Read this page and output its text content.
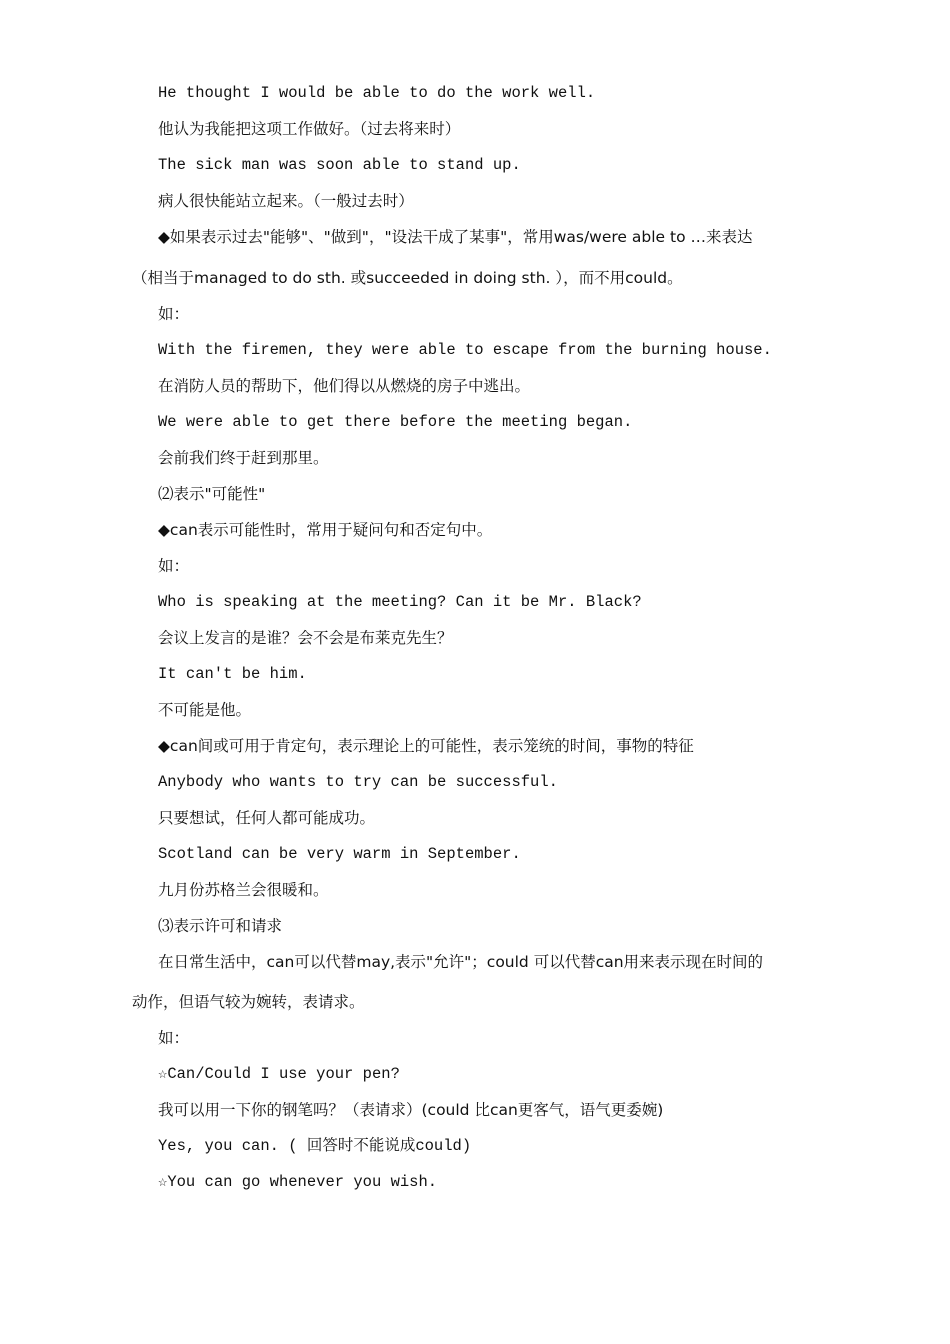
He thought I would be able to do the work well.
他认为我能把这项工作做好。（过去将来时）
The sick man was soon able to stand up.
病人很快能站立起来。（一般过去时）
◆如果表示过去"能够"、"做到"，"设法干成了某事"，常用was/were able to …来表达
（相当于managed to do sth. 或succeeded in doing sth. ），而不用could。
如：
With the firemen, they were able to escape from the burning house.
在消防人员的帮助下，他们得以从燃烧的房子中逃出。
We were able to get there before the meeting began.
会前我们终于赶到那里。
⑵表示"可能性"
◆can表示可能性时，常用于疑问句和否定句中。
如：
Who is speaking at the meeting? Can it be Mr. Black?
会议上发言的是谁？会不会是布莱克先生？
It can't be him.
不可能是他。
◆can间或可用于肯定句，表示理论上的可能性，表示笼统的时间，事物的特征
Anybody who wants to try can be successful.
只要想试，任何人都可能成功。
Scotland can be very warm in September.
九月份苏格兰会很暖和。
⑶表示许可和请求
在日常生活中，can可以代替may,表示"允许"；could 可以代替can用来表示现在时间的
动作，但语气较为婉转，表请求。
如：
☆Can/Could I use your pen?
我可以用一下你的钢笔吗？（表请求）(could 比can更客气，语气更委婉)
Yes, you can. ( 回答时不能说成could)
☆You can go whenever you wish.
